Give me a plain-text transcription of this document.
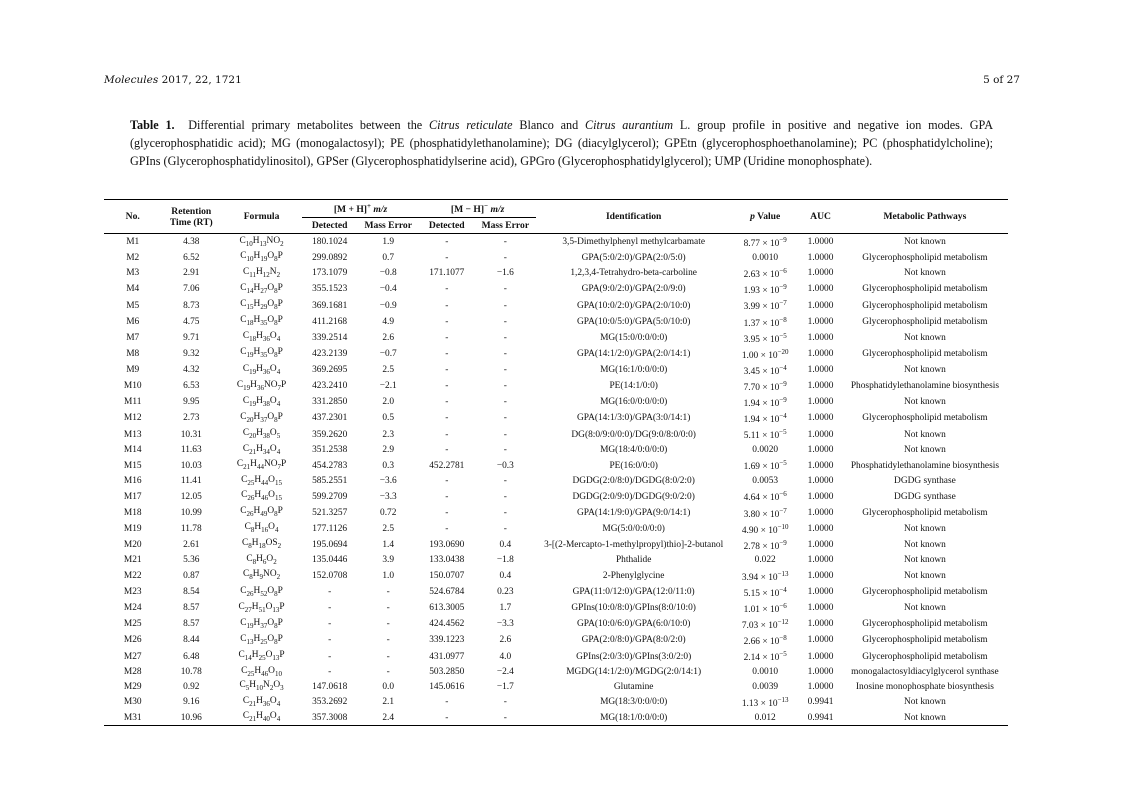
Molecules 2017, 22, 1721	5 of 27
Table 1. Differential primary metabolites between the Citrus reticulate Blanco and Citrus aurantium L. group profile in positive and negative ion modes. GPA (glycerophosphatidic acid); MG (monogalactosyl); PE (phosphatidylethanolamine); DG (diacylglycerol); GPEtn (glycerophosphoethanolamine); PC (phosphatidylcholine); GPIns (Glycerophosphatidylinositol), GPSer (Glycerophosphatidylserine acid), GPGro (Glycerophosphatidylglycerol); UMP (Uridine monophosphate).
No.	Retention Time (RT)	Formula	[M + H]+ m/z		[M − H]− m/z		Identification	p Value	AUC	Metabolic Pathways
			Detected	Mass Error	Detected	Mass Error				
M1	4.38	$C_{10}H_{13}NO_2$	180.1024	1.9	-	-	3,5-Dimethylphenyl methylcarbamate	$8.77 \times 10^{-9}$	1.0000	Not known
M2	6.52	$C_{10}H_{19}O_8P$	299.0892	0.7	-	-	GPA(5:0/2:0)/GPA(2:0/5:0)	0.0010	1.0000	Glycerophospholipid metabolism
M3	2.91	$C_{11}H_{12}N_2$	173.1079	−0.8	171.1077	−1.6	1,2,3,4-Tetrahydro-beta-carboline	$2.63 \times 10^{-6}$	1.0000	Not known
M4	7.06	$C_{14}H_{27}O_8P$	355.1523	−0.4	-	-	GPA(9:0/2:0)/GPA(2:0/9:0)	$1.93 \times 10^{-9}$	1.0000	Glycerophospholipid metabolism
M5	8.73	$C_{15}H_{29}O_8P$	369.1681	−0.9	-	-	GPA(10:0/2:0)/GPA(2:0/10:0)	$3.99 \times 10^{-7}$	1.0000	Glycerophospholipid metabolism
M6	4.75	$C_{18}H_{35}O_8P$	411.2168	4.9	-	-	GPA(10:0/5:0)/GPA(5:0/10:0)	$1.37 \times 10^{-8}$	1.0000	Glycerophospholipid metabolism
M7	9.71	$C_{18}H_{36}O_4$	339.2514	2.6	-	-	MG(15:0/0:0/0:0)	$3.95 \times 10^{-5}$	1.0000	Not known
M8	9.32	$C_{19}H_{35}O_8P$	423.2139	−0.7	-	-	GPA(14:1/2:0)/GPA(2:0/14:1)	$1.00 \times 10^{-20}$	1.0000	Glycerophospholipid metabolism
M9	4.32	$C_{19}H_{36}O_4$	369.2695	2.5	-	-	MG(16:1/0:0/0:0)	$3.45 \times 10^{-4}$	1.0000	Not known
M10	6.53	$C_{19}H_{36}NO_7P$	423.2410	−2.1	-	-	PE(14:1/0:0)	$7.70 \times 10^{-9}$	1.0000	Phosphatidylethanolamine biosynthesis
M11	9.95	$C_{19}H_{38}O_4$	331.2850	2.0	-	-	MG(16:0/0:0/0:0)	$1.94 \times 10^{-9}$	1.0000	Not known
M12	2.73	$C_{20}H_{37}O_8P$	437.2301	0.5	-	-	GPA(14:1/3:0)/GPA(3:0/14:1)	$1.94 \times 10^{-4}$	1.0000	Glycerophospholipid metabolism
M13	10.31	$C_{20}H_{38}O_5$	359.2620	2.3	-	-	DG(8:0/9:0/0:0)/DG(9:0/8:0/0:0)	$5.11 \times 10^{-5}$	1.0000	Not known
M14	11.63	$C_{21}H_{34}O_4$	351.2538	2.9	-	-	MG(18:4/0:0/0:0)	0.0020	1.0000	Not known
M15	10.03	$C_{21}H_{44}NO_7P$	454.2783	0.3	452.2781	−0.3	PE(16:0/0:0)	$1.69 \times 10^{-5}$	1.0000	Phosphatidylethanolamine biosynthesis
M16	11.41	$C_{25}H_{44}O_{15}$	585.2551	−3.6	-	-	DGDG(2:0/8:0)/DGDG(8:0/2:0)	0.0053	1.0000	DGDG synthase
M17	12.05	$C_{26}H_{46}O_{15}$	599.2709	−3.3	-	-	DGDG(2:0/9:0)/DGDG(9:0/2:0)	$4.64 \times 10^{-6}$	1.0000	DGDG synthase
M18	10.99	$C_{26}H_{49}O_8P$	521.3257	0.72	-	-	GPA(14:1/9:0)/GPA(9:0/14:1)	$3.80 \times 10^{-7}$	1.0000	Glycerophospholipid metabolism
M19	11.78	$C_8H_{16}O_4$	177.1126	2.5	-	-	MG(5:0/0:0/0:0)	$4.90 \times 10^{-10}$	1.0000	Not known
M20	2.61	$C_8H_{18}OS_2$	195.0694	1.4	193.0690	0.4	3-[(2-Mercapto-1-methylpropyl)thio]-2-butanol	$2.78 \times 10^{-9}$	1.0000	Not known
M21	5.36	$C_8H_6O_2$	135.0446	3.9	133.0438	−1.8	Phthalide	0.022	1.0000	Not known
M22	0.87	$C_8H_9NO_2$	152.0708	1.0	150.0707	0.4	2-Phenylglycine	$3.94 \times 10^{-13}$	1.0000	Not known
M23	8.54	$C_{26}H_{52}O_8P$	-	-	524.6784	0.23	GPA(11:0/12:0)/GPA(12:0/11:0)	$5.15 \times 10^{-4}$	1.0000	Glycerophospholipid metabolism
M24	8.57	$C_{27}H_{51}O_{13}P$	-	-	613.3005	1.7	GPIns(10:0/8:0)/GPIns(8:0/10:0)	$1.01 \times 10^{-6}$	1.0000	Not known
M25	8.57	$C_{19}H_{37}O_8P$	-	-	424.4562	−3.3	GPA(10:0/6:0)/GPA(6:0/10:0)	$7.03 \times 10^{-12}$	1.0000	Glycerophospholipid metabolism
M26	8.44	$C_{13}H_{25}O_8P$	-	-	339.1223	2.6	GPA(2:0/8:0)/GPA(8:0/2:0)	$2.66 \times 10^{-8}$	1.0000	Glycerophospholipid metabolism
M27	6.48	$C_{14}H_{25}O_{13}P$	-	-	431.0977	4.0	GPIns(2:0/3:0)/GPIns(3:0/2:0)	$2.14 \times 10^{-5}$	1.0000	Glycerophospholipid metabolism
M28	10.78	$C_{25}H_{46}O_{10}$	-	-	503.2850	−2.4	MGDG(14:1/2:0)/MGDG(2:0/14:1)	0.0010	1.0000	monogalactosyldiacylglycerol synthase
M29	0.92	$C_5H_{10}N_2O_3$	147.0618	0.0	145.0616	−1.7	Glutamine	0.0039	1.0000	Inosine monophosphate biosynthesis
M30	9.16	$C_{21}H_{36}O_4$	353.2692	2.1	-	-	MG(18:3/0:0/0:0)	$1.13 \times 10^{-13}$	0.9941	Not known
M31	10.96	$C_{21}H_{40}O_4$	357.3008	2.4	-	-	MG(18:1/0:0/0:0)	0.012	0.9941	Not known
